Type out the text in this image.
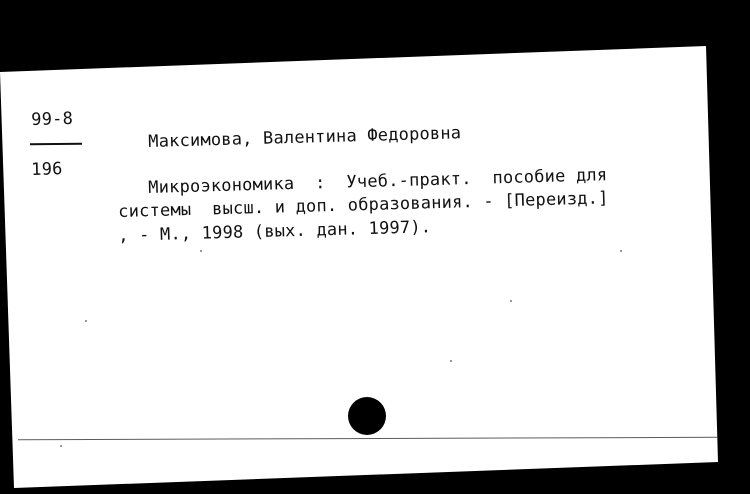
99-8
196
Максимова, Валентина Федоровна
Микроэкономика  :  Учеб.-практ.  пособие для
системы  высш. и доп. образования. - [Переизд.]
, - М., 1998 (вых. дан. 1997).
